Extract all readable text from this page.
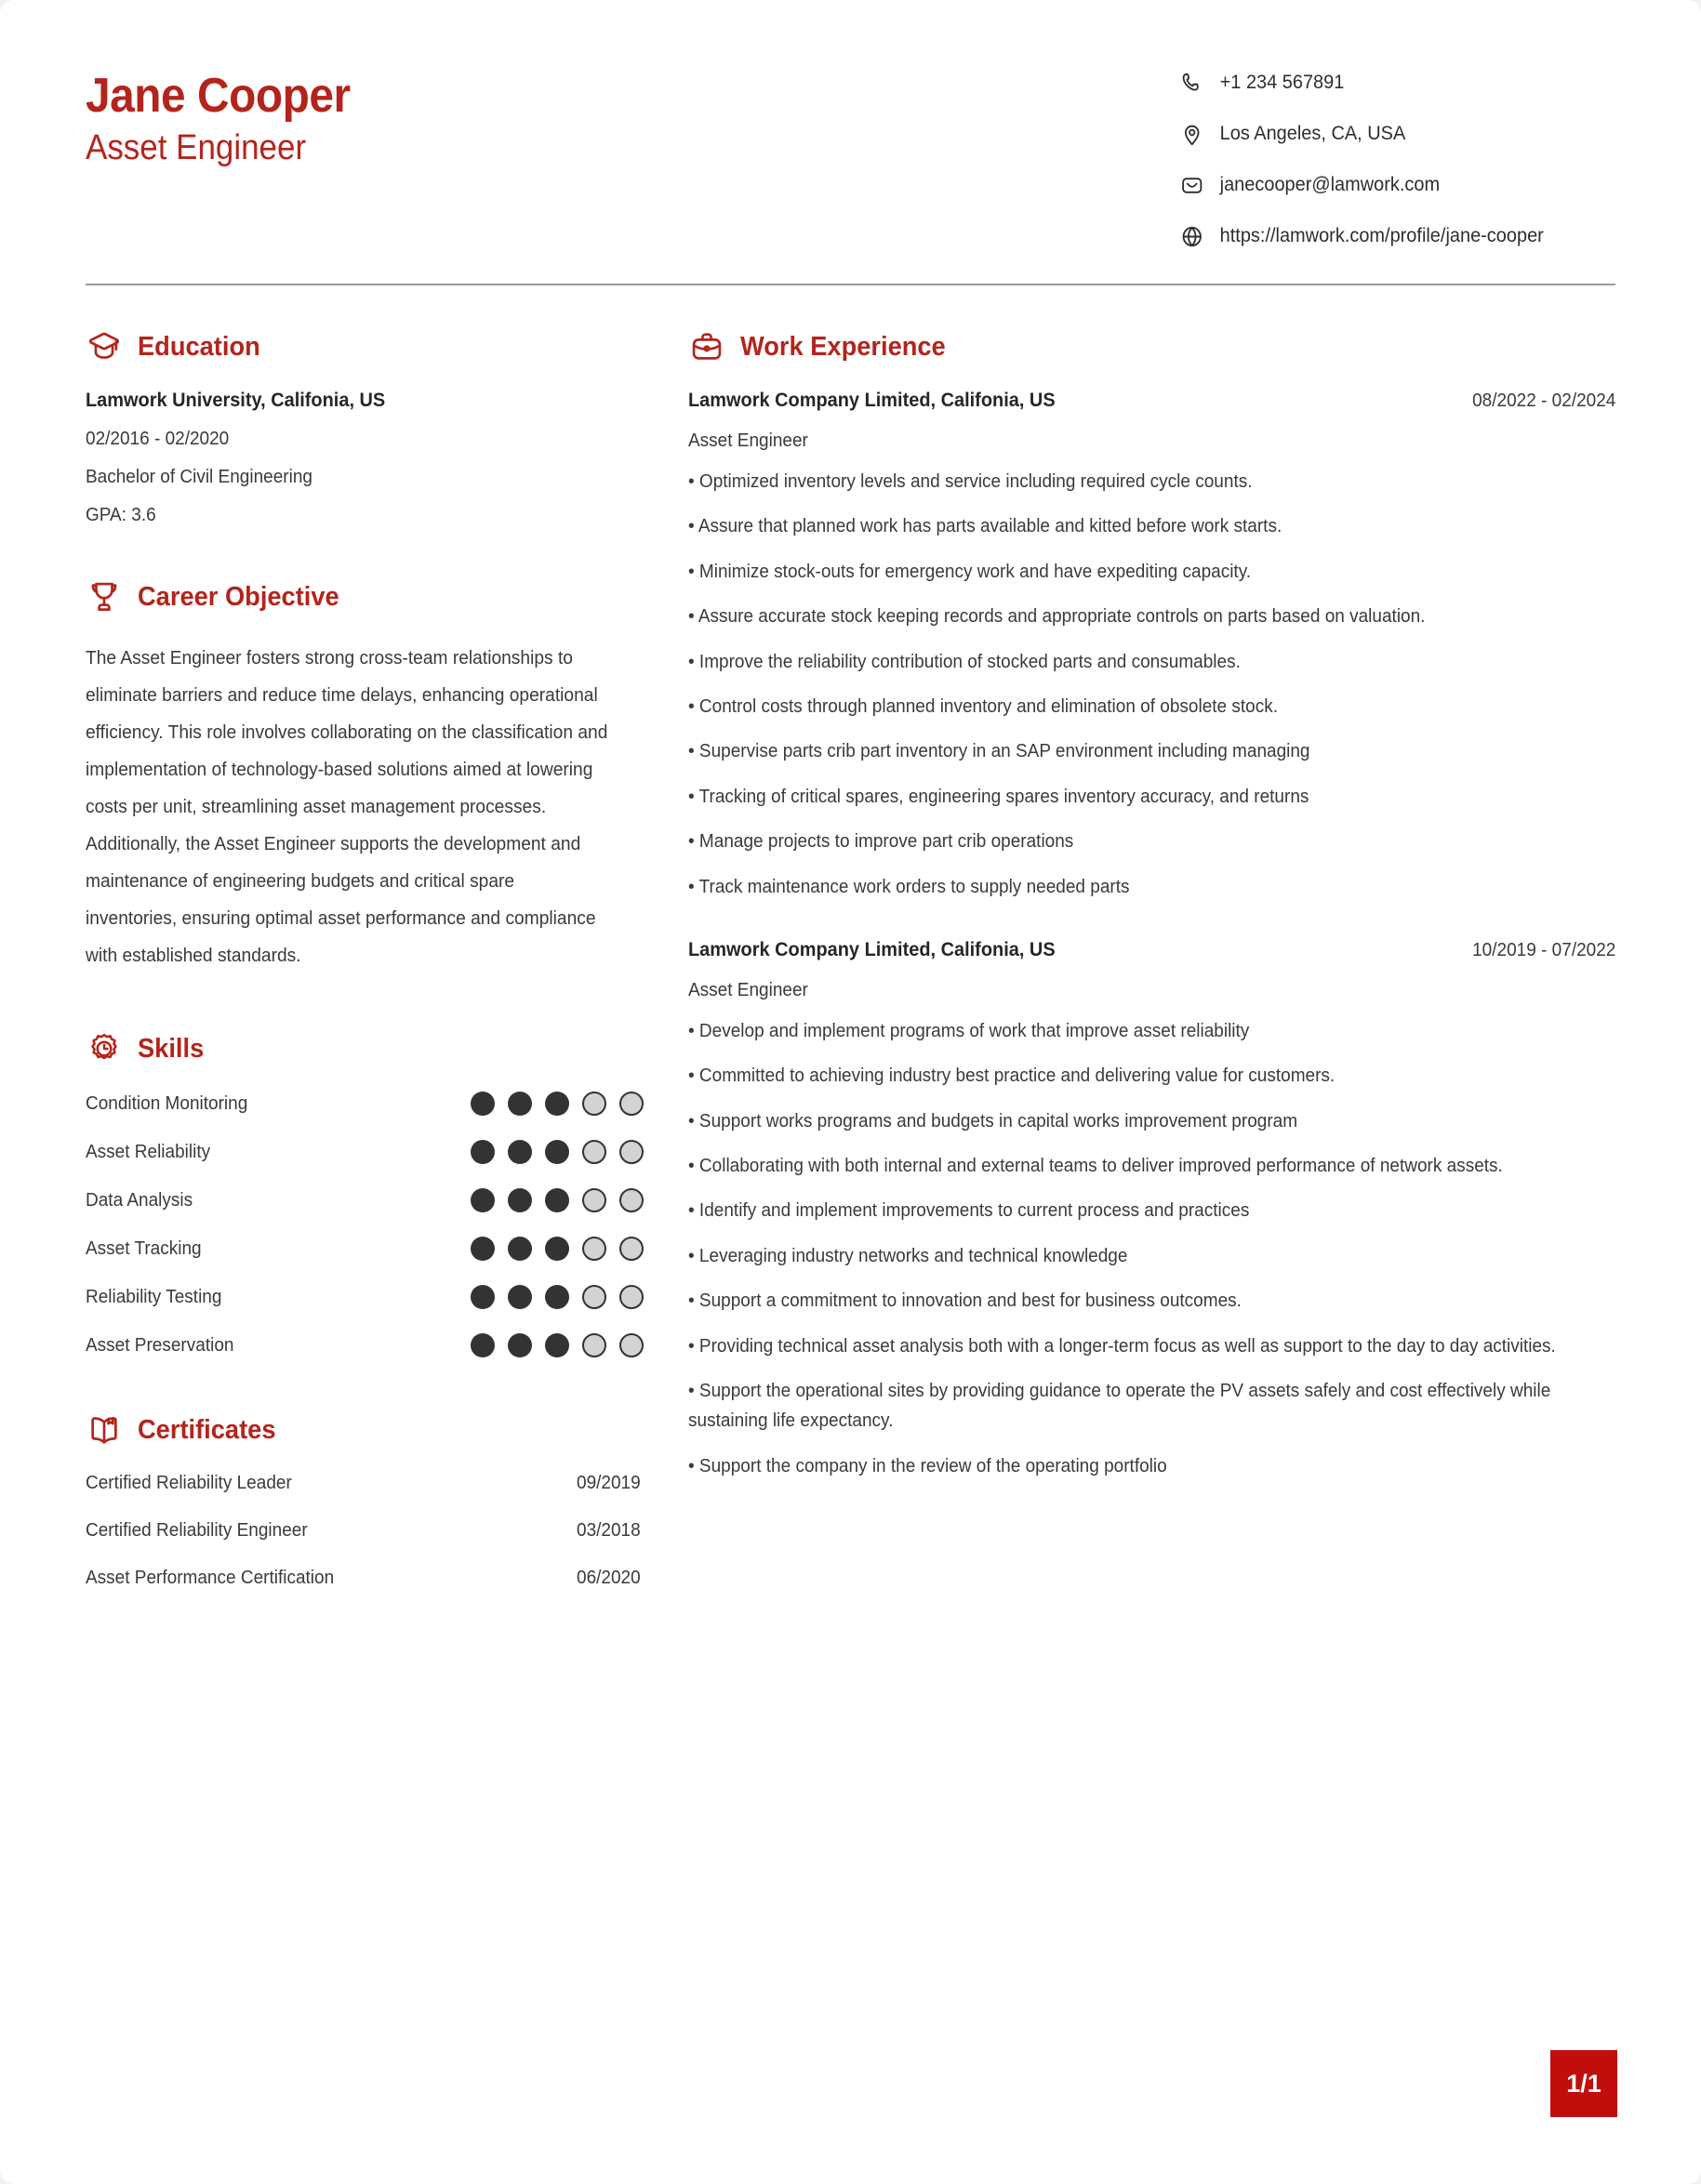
Jane Cooper
Asset Engineer
+1 234 567891
Los Angeles, CA, USA
janecooper@lamwork.com
https://lamwork.com/profile/jane-cooper
Education
Lamwork University, Califonia, US
02/2016 - 02/2020
Bachelor of Civil Engineering
GPA: 3.6
Career Objective
The Asset Engineer fosters strong cross-team relationships to eliminate barriers and reduce time delays, enhancing operational efficiency. This role involves collaborating on the classification and implementation of technology-based solutions aimed at lowering costs per unit, streamlining asset management processes. Additionally, the Asset Engineer supports the development and maintenance of engineering budgets and critical spare inventories, ensuring optimal asset performance and compliance with established standards.
Skills
Condition Monitoring
Asset Reliability
Data Analysis
Asset Tracking
Reliability Testing
Asset Preservation
Certificates
Certified Reliability Leader	09/2019
Certified Reliability Engineer	03/2018
Asset Performance Certification	06/2020
Work Experience
Lamwork Company Limited, Califonia, US	08/2022 - 02/2024
Asset Engineer
• Optimized inventory levels and service including required cycle counts.
• Assure that planned work has parts available and kitted before work starts.
• Minimize stock-outs for emergency work and have expediting capacity.
• Assure accurate stock keeping records and appropriate controls on parts based on valuation.
• Improve the reliability contribution of stocked parts and consumables.
• Control costs through planned inventory and elimination of obsolete stock.
• Supervise parts crib part inventory in an SAP environment including managing
• Tracking of critical spares, engineering spares inventory accuracy, and returns
• Manage projects to improve part crib operations
• Track maintenance work orders to supply needed parts
Lamwork Company Limited, Califonia, US	10/2019 - 07/2022
Asset Engineer
• Develop and implement programs of work that improve asset reliability
• Committed to achieving industry best practice and delivering value for customers.
• Support works programs and budgets in capital works improvement program
• Collaborating with both internal and external teams to deliver improved performance of network assets.
• Identify and implement improvements to current process and practices
• Leveraging industry networks and technical knowledge
• Support a commitment to innovation and best for business outcomes.
• Providing technical asset analysis both with a longer-term focus as well as support to the day to day activities.
• Support the operational sites by providing guidance to operate the PV assets safely and cost effectively while sustaining life expectancy.
• Support the company in the review of the operating portfolio
1/1
